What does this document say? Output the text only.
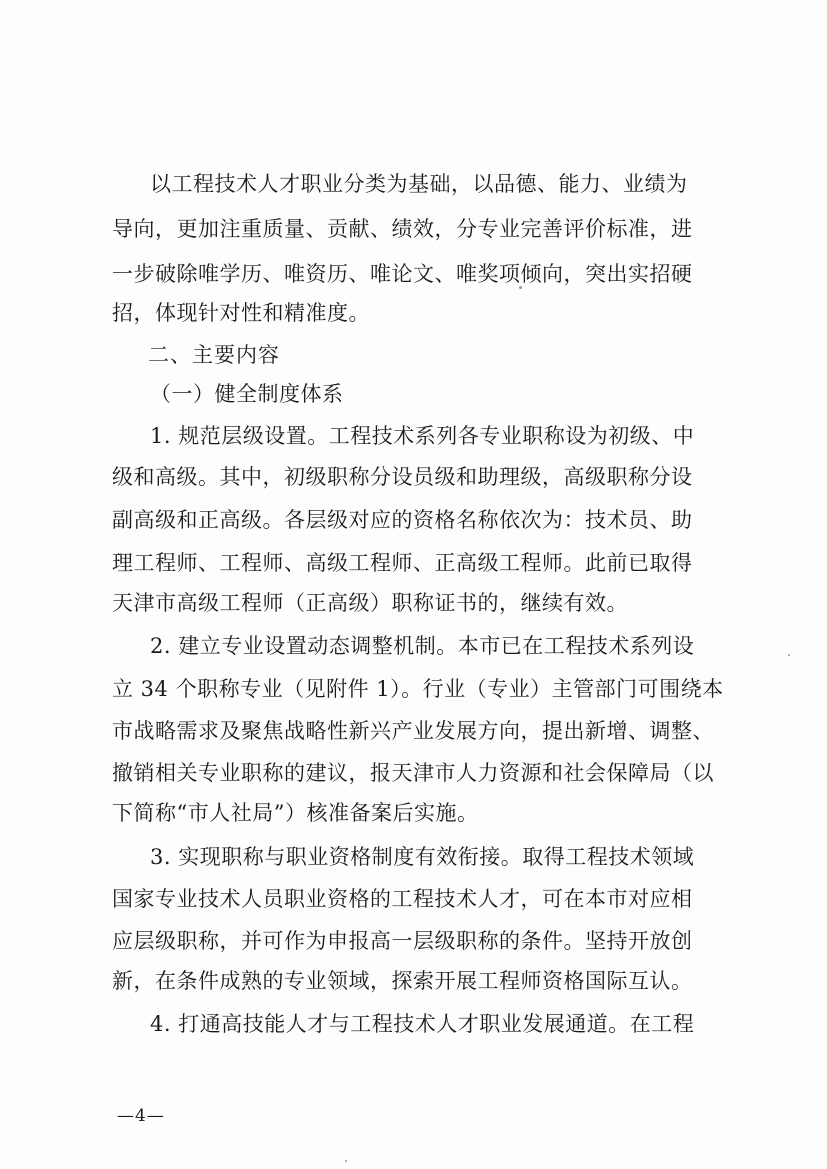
以工程技术人才职业分类为基础，以品德、能力、业绩为
导向，更加注重质量、贡献、绩效，分专业完善评价标准，进
一步破除唯学历、唯资历、唯论文、唯奖项倾向，突出实招硬
招，体现针对性和精准度。
二、主要内容
（一）健全制度体系
1. 规范层级设置。工程技术系列各专业职称设为初级、中
级和高级。其中，初级职称分设员级和助理级，高级职称分设
副高级和正高级。各层级对应的资格名称依次为：技术员、助
理工程师、工程师、高级工程师、正高级工程师。此前已取得
天津市高级工程师（正高级）职称证书的，继续有效。
2. 建立专业设置动态调整机制。本市已在工程技术系列设
立 34 个职称专业（见附件 1）。行业（专业）主管部门可围绕本
市战略需求及聚焦战略性新兴产业发展方向，提出新增、调整、
撤销相关专业职称的建议，报天津市人力资源和社会保障局（以
下简称“市人社局”）核准备案后实施。
3. 实现职称与职业资格制度有效衔接。取得工程技术领域
国家专业技术人员职业资格的工程技术人才，可在本市对应相
应层级职称，并可作为申报高一层级职称的条件。坚持开放创
新，在条件成熟的专业领域，探索开展工程师资格国际互认。
4. 打通高技能人才与工程技术人才职业发展通道。在工程
—4—
